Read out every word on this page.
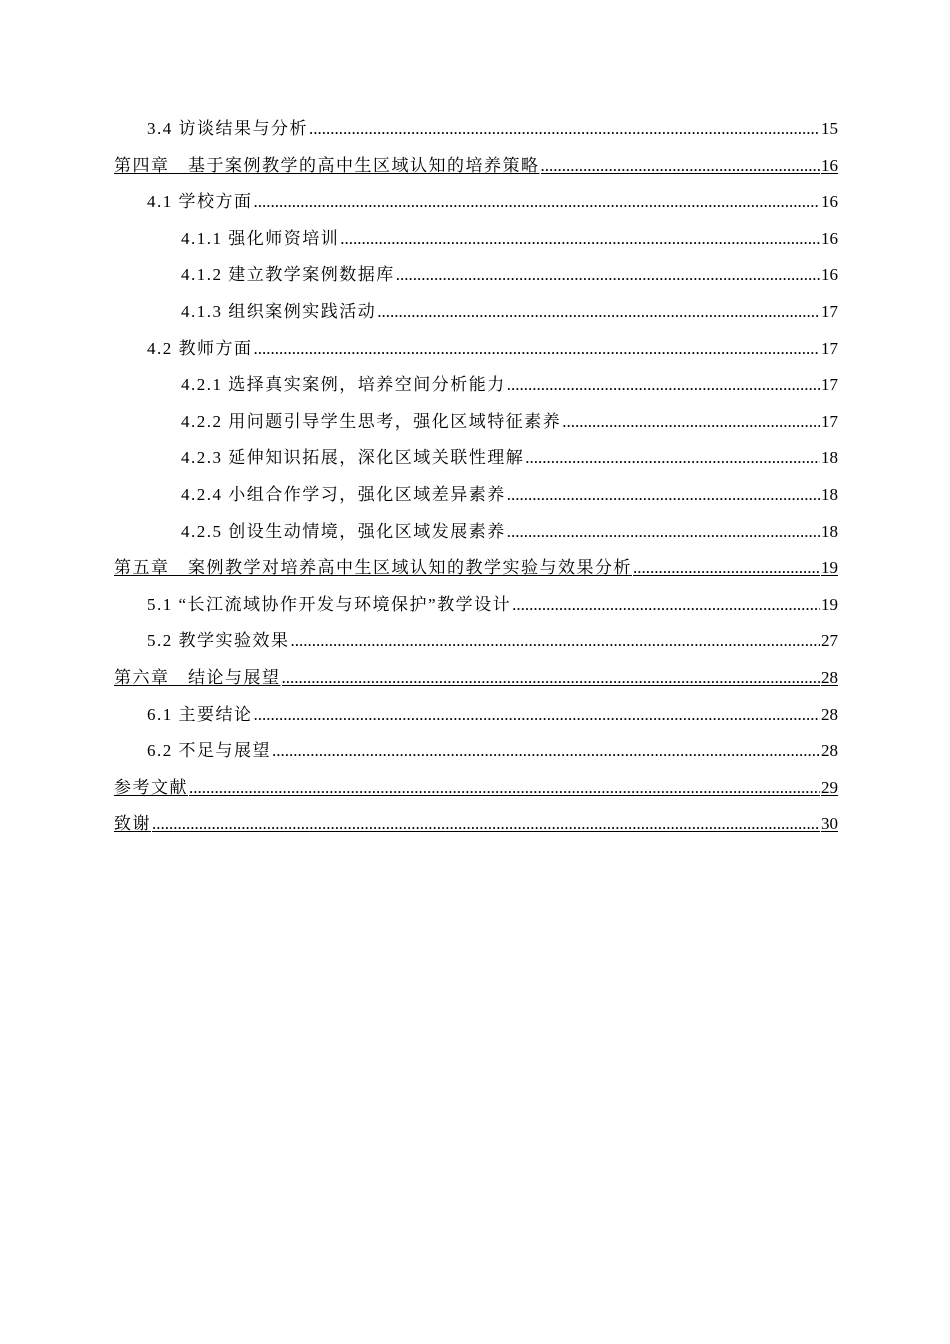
3.4 访谈结果与分析 .....	15
第四章　基于案例教学的高中生区域认知的培养策略 .....	16
4.1 学校方面 .....	16
4.1.1 强化师资培训 .....	16
4.1.2 建立教学案例数据库 .....	16
4.1.3 组织案例实践活动 .....	17
4.2 教师方面 .....	17
4.2.1 选择真实案例，培养空间分析能力 .....	17
4.2.2 用问题引导学生思考，强化区域特征素养 .....	17
4.2.3 延伸知识拓展，深化区域关联性理解 .....	18
4.2.4 小组合作学习，强化区域差异素养 .....	18
4.2.5 创设生动情境，强化区域发展素养 .....	18
第五章　案例教学对培养高中生区域认知的教学实验与效果分析 .....	19
5.1 “长江流域协作开发与环境保护”教学设计 .....	19
5.2 教学实验效果 .....	27
第六章　结论与展望 .....	28
6.1 主要结论 .....	28
6.2 不足与展望 .....	28
参考文献 .....	29
致谢 .....	30
